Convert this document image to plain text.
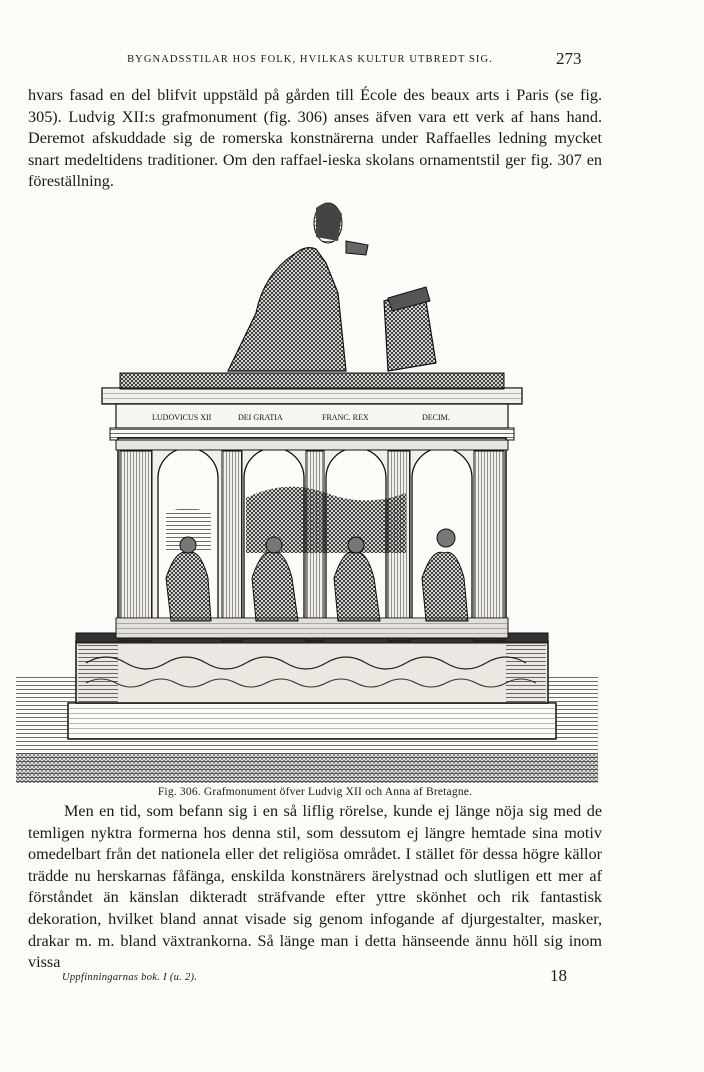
BYGNADSSTILAR HOS FOLK, HVILKAS KULTUR UTBREDT SIG.	273

hvars fasad en del blifvit uppstäld på gården till École des beaux arts i Paris (se fig. 305). Ludvig XII:s grafmonument (fig. 306) anses äfven vara ett verk af hans hand. Deremot afskuddade sig de romerska konstnärerna under Raffaelles ledning mycket snart medeltidens traditioner. Om den raffael-ieska skolans ornamentstil ger fig. 307 en föreställning.

LUDOVICUS XII	DEI GRATIA	FRANC. REX	DECIM.
Fig. 306. Grafmonument öfver Ludvig XII och Anna af Bretagne.

Men en tid, som befann sig i en så liflig rörelse, kunde ej länge nöja sig med de temligen nyktra formerna hos denna stil, som dessutom ej längre hemtade sina motiv omedelbart från det nationela eller det religiösa området. I stället för dessa högre källor trädde nu herskarnas fåfänga, enskilda konstnärers ärelystnad och slutligen ett mer af förståndet än känslan dikteradt sträfvande efter yttre skönhet och rik fantastisk dekoration, hvilket bland annat visade sig genom infogande af djurgestalter, masker, drakar m. m. bland växtrankorna. Så länge man i detta hänseende ännu höll sig inom vissa

Uppfinningarnas bok. I (u. 2).	18
